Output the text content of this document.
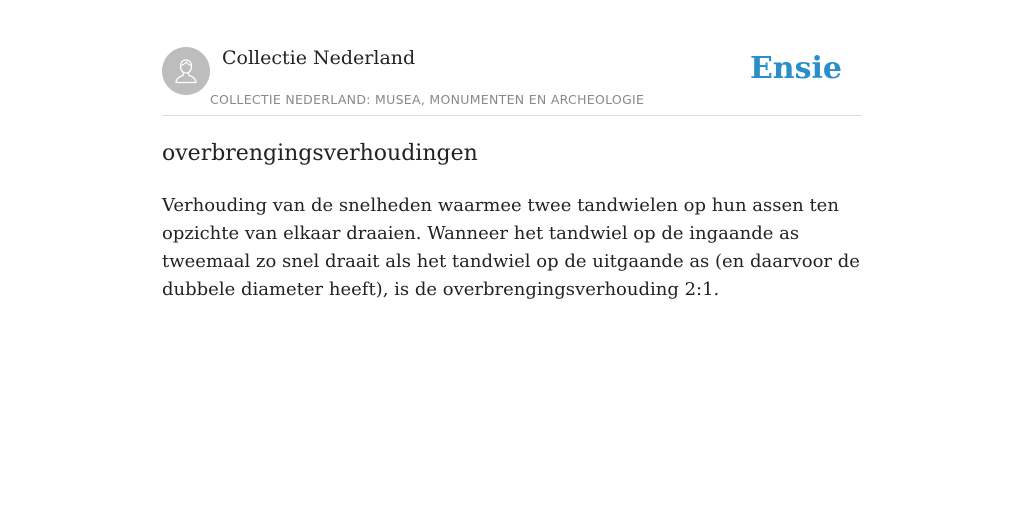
Collectie Nederland
COLLECTIE NEDERLAND: MUSEA, MONUMENTEN EN ARCHEOLOGIE
Ensie
overbrengingsverhoudingen

Verhouding van de snelheden waarmee twee tandwielen op hun assen ten opzichte van elkaar draaien. Wanneer het tandwiel op de ingaande as tweemaal zo snel draait als het tandwiel op de uitgaande as (en daarvoor de dubbele diameter heeft), is de overbrengingsverhouding 2:1.
